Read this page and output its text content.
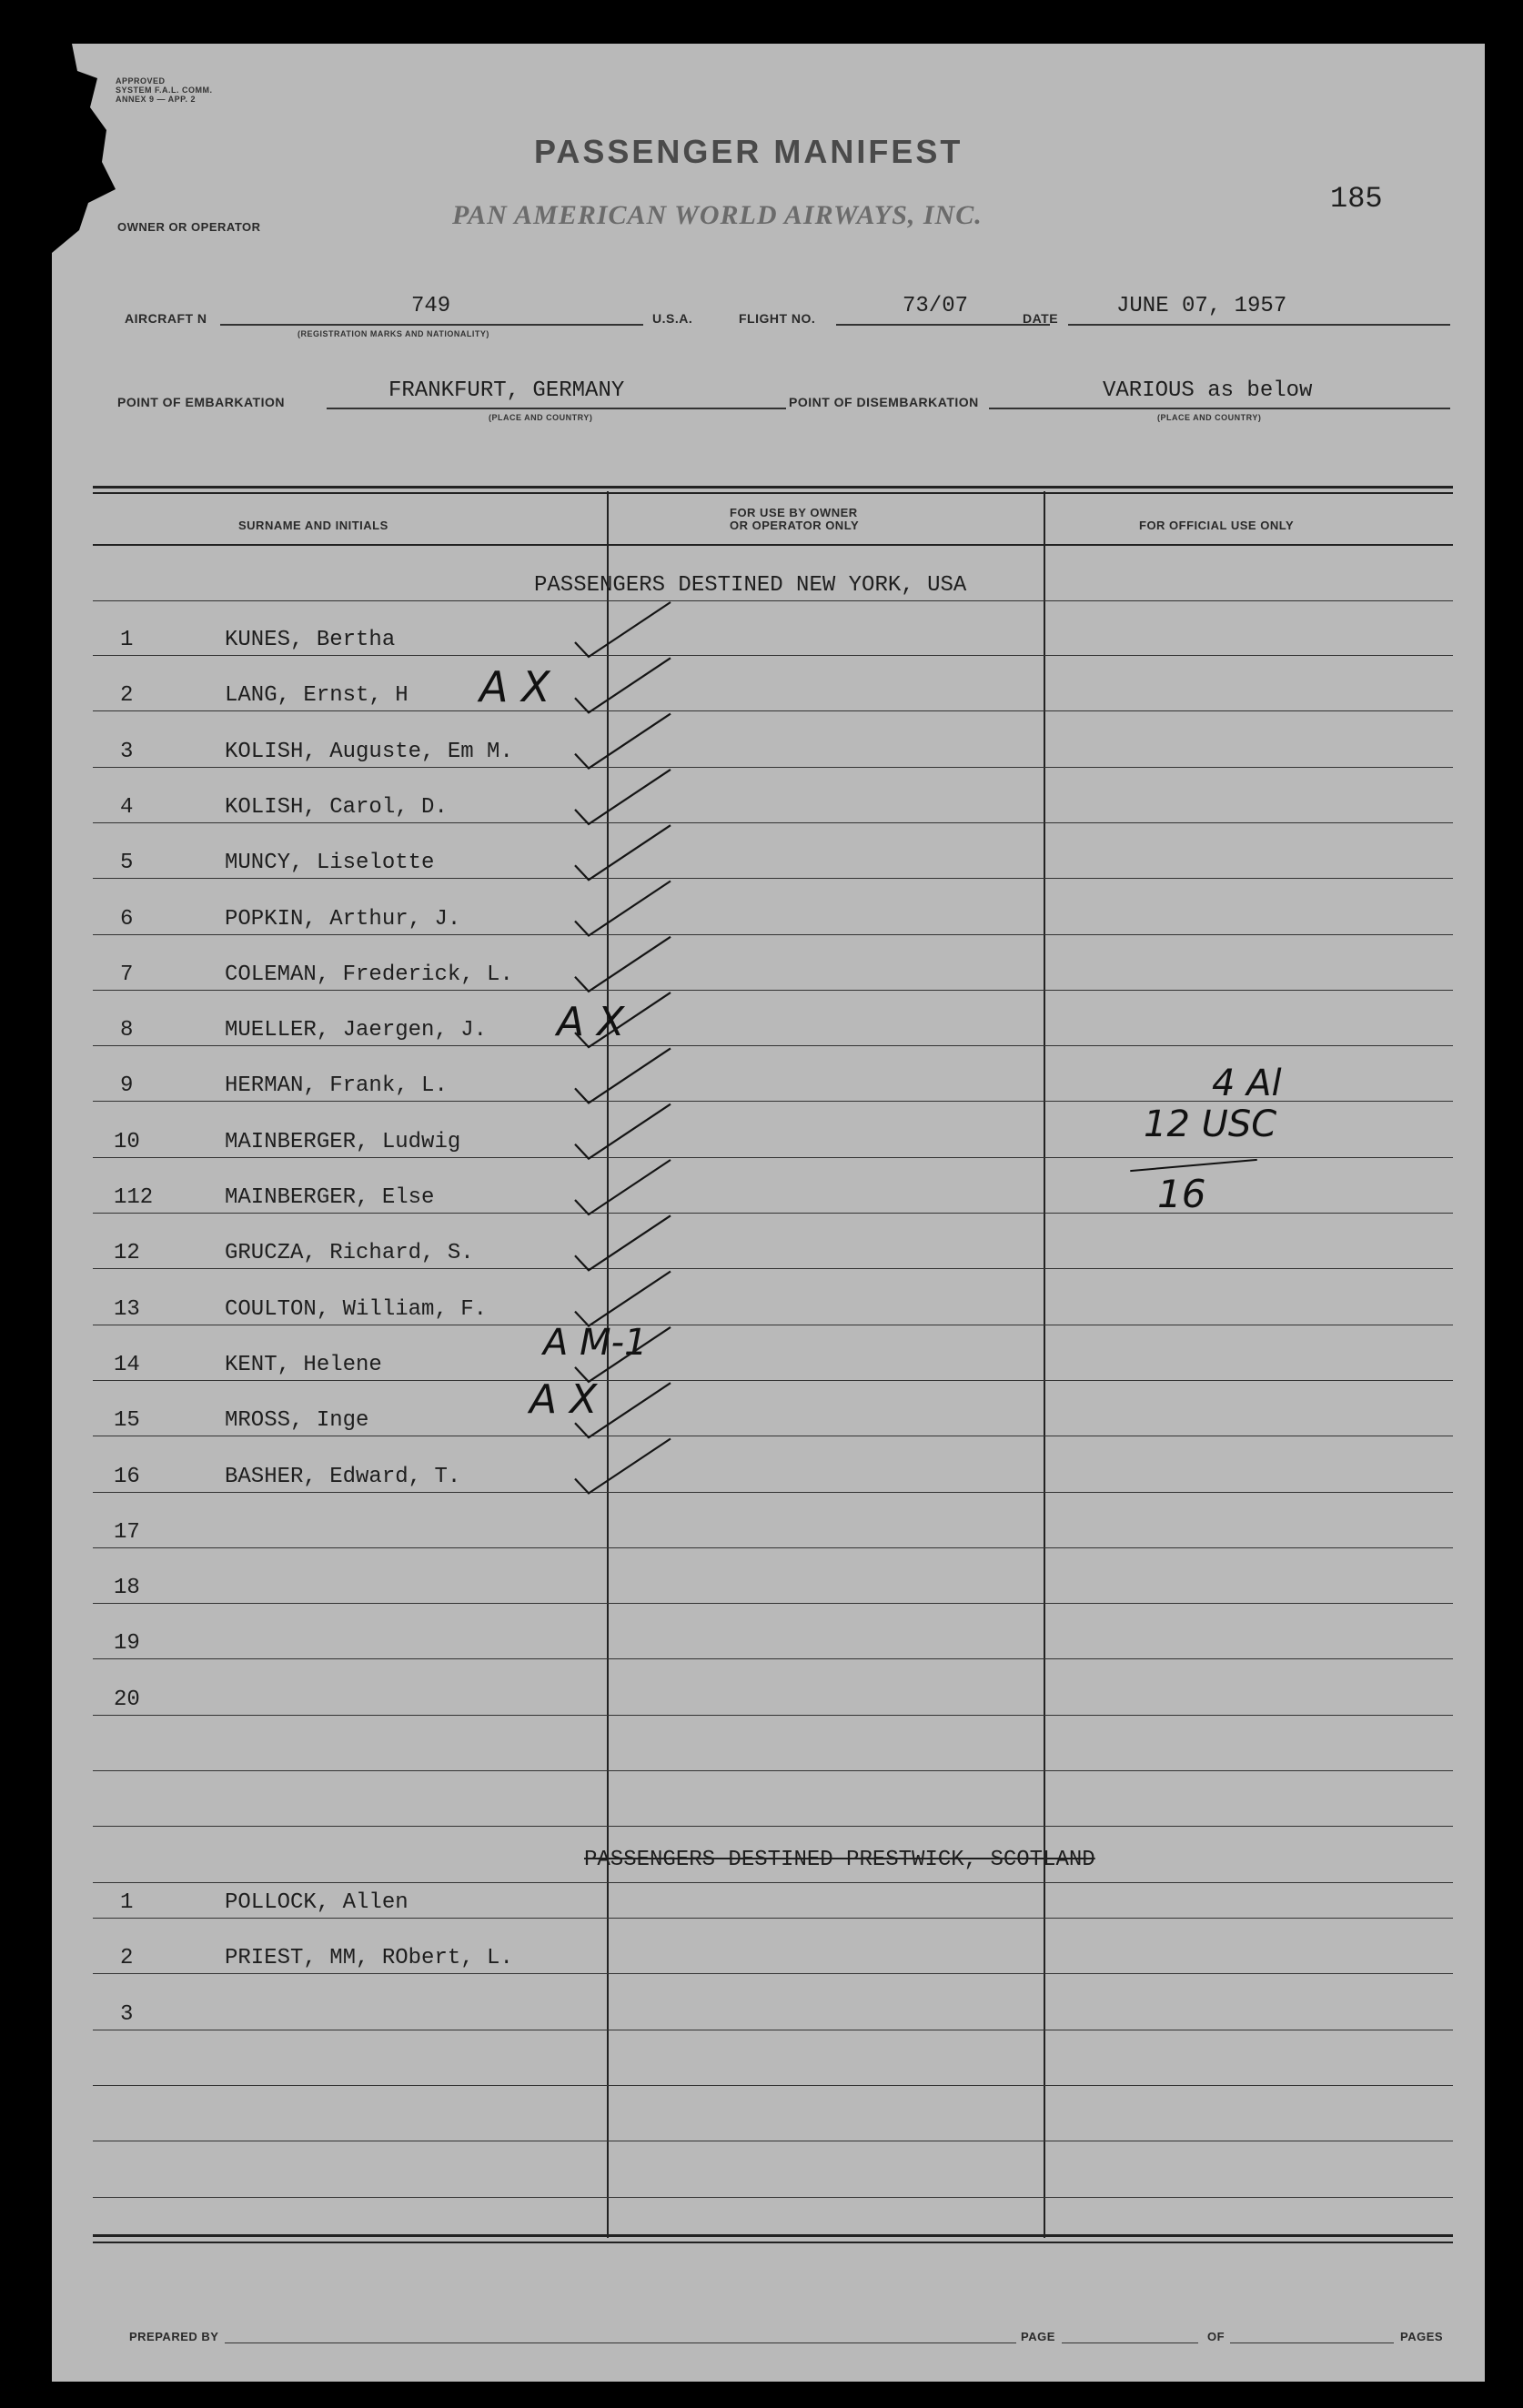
APPROVED
SYSTEM F.A.L. COMM.
ANNEX 9 — APP. 2
PASSENGER MANIFEST
185
OWNER OR OPERATOR	PAN AMERICAN WORLD AIRWAYS, INC.
AIRCRAFT N	749
(REGISTRATION MARKS AND NATIONALITY)
U.S.A.	FLIGHT NO.	73/07	DATE	JUNE 07, 1957
POINT OF EMBARKATION	FRANKFURT, GERMANY
(PLACE AND COUNTRY)
POINT OF DISEMBARKATION	VARIOUS as below
(PLACE AND COUNTRY)
SURNAME AND INITIALS
FOR USE BY OWNER
OR OPERATOR ONLY	FOR OFFICIAL USE ONLY
PASSENGERS DESTINED NEW YORK, USA
1	KUNES, Bertha
2	LANG, Ernst, H
3	KOLISH, Auguste, Em M.
4	KOLISH, Carol, D.
5	MUNCY, Liselotte
6	POPKIN, Arthur, J.
7	COLEMAN, Frederick, L.
8	MUELLER, Jaergen, J.
9	HERMAN, Frank, L.
10	MAINBERGER, Ludwig
112	MAINBERGER, Else
12	GRUCZA, Richard, S.
13	COULTON, William, F.
14	KENT, Helene
15	MROSS, Inge
16	BASHER, Edward, T.
17
18
19
20
1	POLLOCK, Allen
2	PRIEST, MM, RObert, L.
3
PASSENGERS DESTINED PRESTWICK, SCOTLAND
A X
A X
A M-1
A X
4 Al
12 USC
16
PREPARED BY	PAGE	OF	PAGES
